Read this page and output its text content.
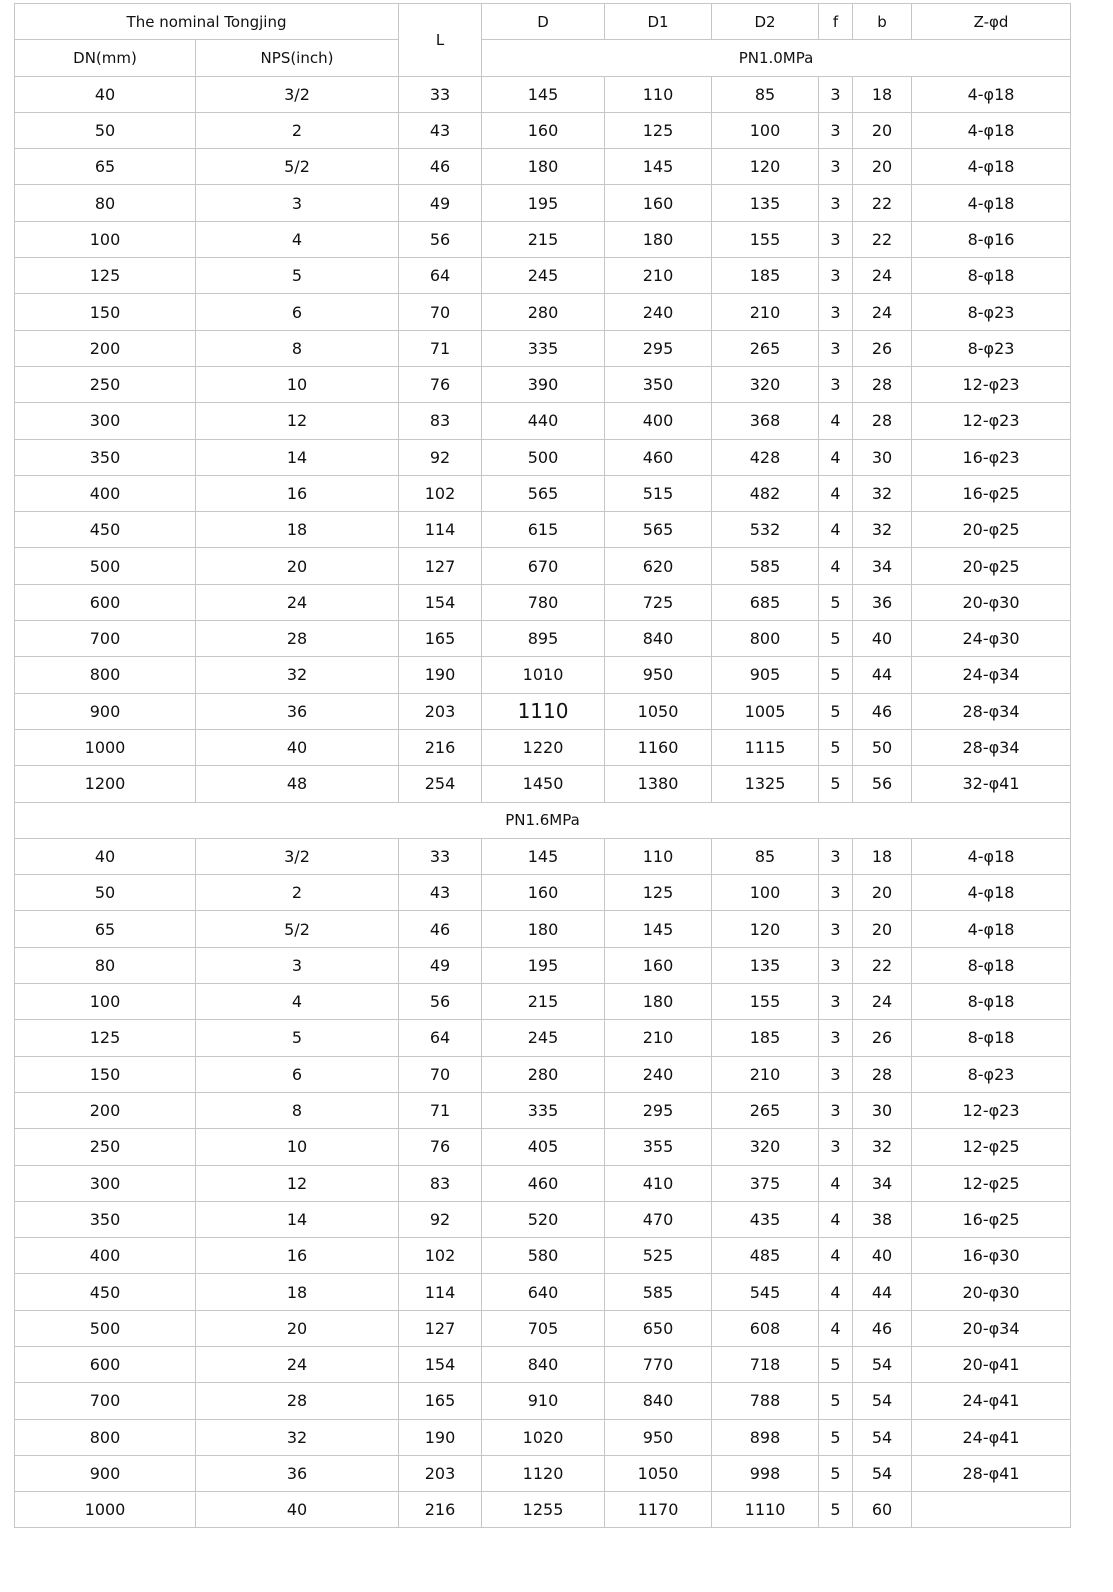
The nominal Tongjing		L	D	D1	D2	f	b	Z-φd
DN(mm)	NPS(inch)		PN1.0MPa					
40	3/2	33	145	110	85	3	18	4-φ18
50	2	43	160	125	100	3	20	4-φ18
65	5/2	46	180	145	120	3	20	4-φ18
80	3	49	195	160	135	3	22	4-φ18
100	4	56	215	180	155	3	22	8-φ16
125	5	64	245	210	185	3	24	8-φ18
150	6	70	280	240	210	3	24	8-φ23
200	8	71	335	295	265	3	26	8-φ23
250	10	76	390	350	320	3	28	12-φ23
300	12	83	440	400	368	4	28	12-φ23
350	14	92	500	460	428	4	30	16-φ23
400	16	102	565	515	482	4	32	16-φ25
450	18	114	615	565	532	4	32	20-φ25
500	20	127	670	620	585	4	34	20-φ25
600	24	154	780	725	685	5	36	20-φ30
700	28	165	895	840	800	5	40	24-φ30
800	32	190	1010	950	905	5	44	24-φ34
900	36	203	1110	1050	1005	5	46	28-φ34
1000	40	216	1220	1160	1115	5	50	28-φ34
1200	48	254	1450	1380	1325	5	56	32-φ41
PN1.6MPa								
40	3/2	33	145	110	85	3	18	4-φ18
50	2	43	160	125	100	3	20	4-φ18
65	5/2	46	180	145	120	3	20	4-φ18
80	3	49	195	160	135	3	22	8-φ18
100	4	56	215	180	155	3	24	8-φ18
125	5	64	245	210	185	3	26	8-φ18
150	6	70	280	240	210	3	28	8-φ23
200	8	71	335	295	265	3	30	12-φ23
250	10	76	405	355	320	3	32	12-φ25
300	12	83	460	410	375	4	34	12-φ25
350	14	92	520	470	435	4	38	16-φ25
400	16	102	580	525	485	4	40	16-φ30
450	18	114	640	585	545	4	44	20-φ30
500	20	127	705	650	608	4	46	20-φ34
600	24	154	840	770	718	5	54	20-φ41
700	28	165	910	840	788	5	54	24-φ41
800	32	190	1020	950	898	5	54	24-φ41
900	36	203	1120	1050	998	5	54	28-φ41
1000	40	216	1255	1170	1110	5	60	
